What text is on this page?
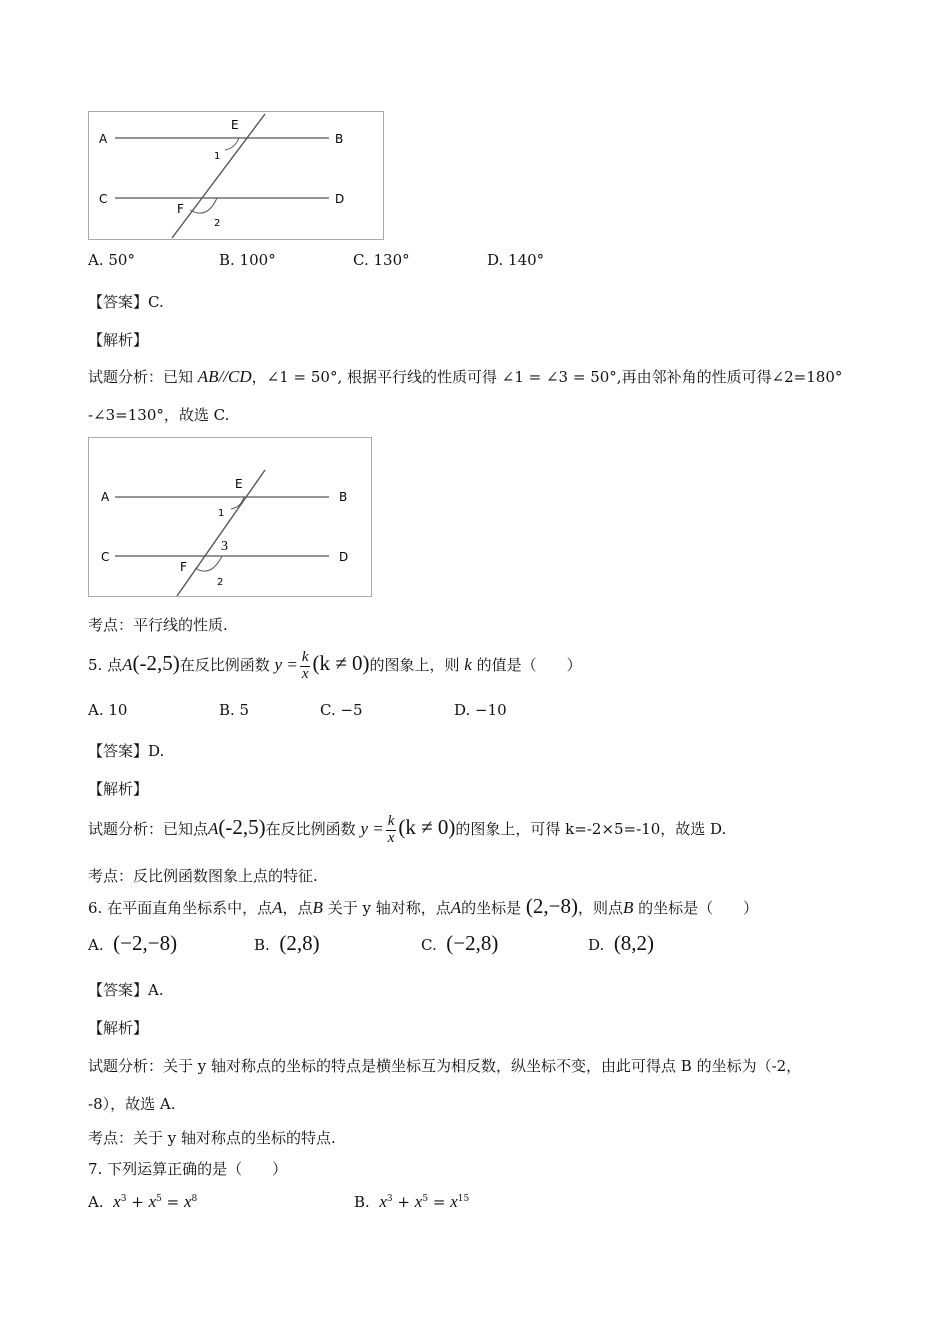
A	B
C	D
E
F
1
2
A. 50°	B. 100°	C. 130°	D. 140°
【答案】C.
【解析】
试题分析：已知 AB//CD，∠1 = 50°, 根据平行线的性质可得 ∠1 = ∠3 = 50°,再由邻补角的性质可得∠2=180°
-∠3=130°，故选 C.
A	B
C	D
E
F
1
3
2
考点：平行线的性质.
5. 点A(-2,5)在反比例函数 $y = \frac{k}{x} (k \ne 0)$的图象上，则 k 的值是（　　）
A. 10	B. 5	C. −5	D. −10
【答案】D.
【解析】
试题分析：已知点A(-2,5)在反比例函数 $y = \frac{k}{x} (k \ne 0)$的图象上，可得 k=-2×5=-10，故选 D.
考点：反比例函数图象上点的特征.
6. 在平面直角坐标系中，点A，点B 关于 y 轴对称，点A的坐标是 (2,−8)，则点B 的坐标是（　　）
A. (−2,−8)	B. (2,8)	C. (−2,8)	D. (8,2)
【答案】A.
【解析】
试题分析：关于 y 轴对称点的坐标的特点是横坐标互为相反数，纵坐标不变，由此可得点 B 的坐标为（-2，
-8），故选 A.
考点：关于 y 轴对称点的坐标的特点.
7. 下列运算正确的是（　　）
A. $x^3 + x^5 = x^8$	B. $x^3 + x^5 = x^{15}$
